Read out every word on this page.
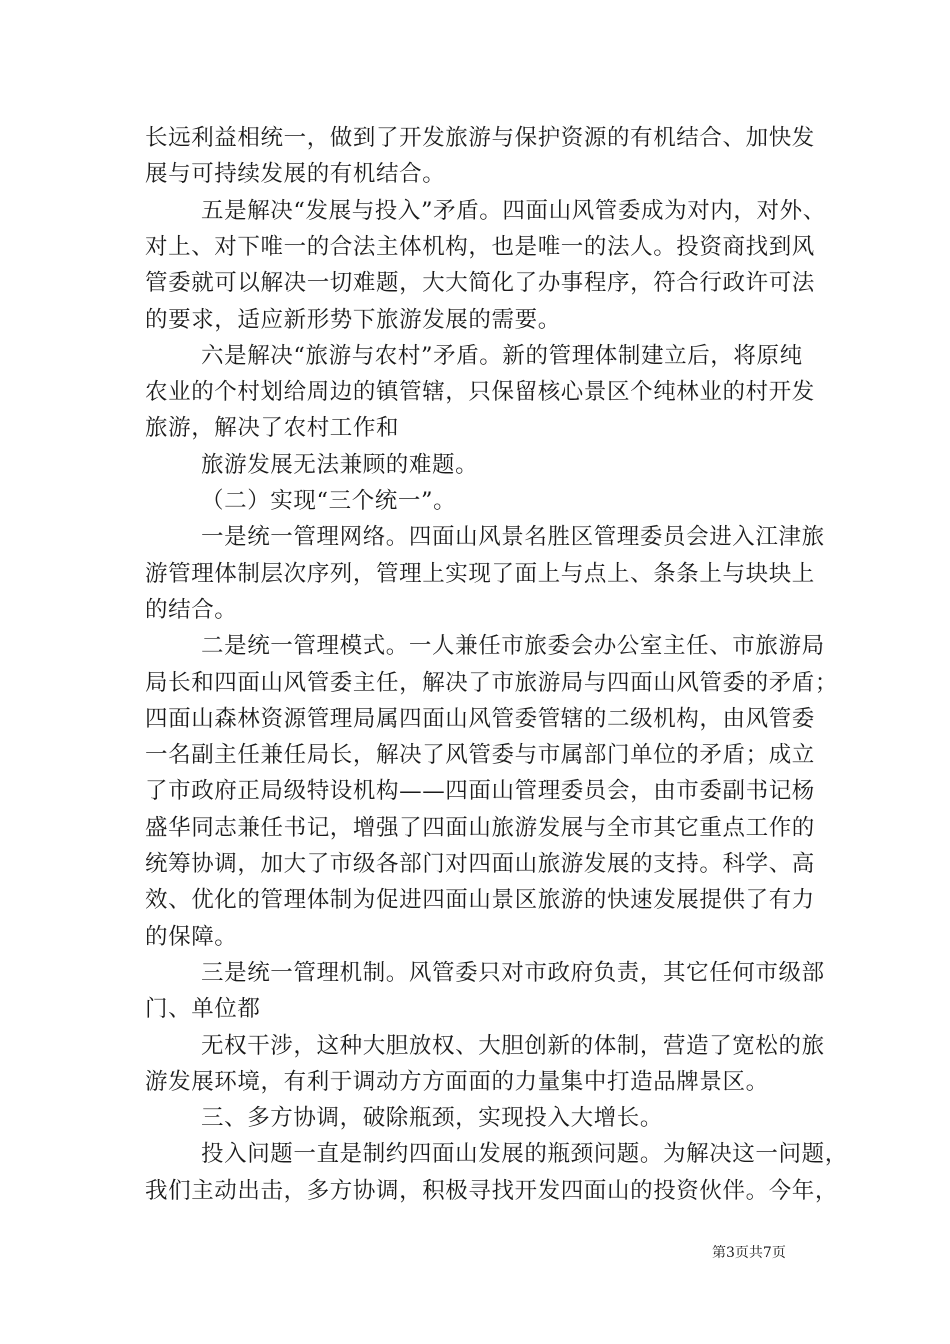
长远利益相统一，做到了开发旅游与保护资源的有机结合、加快发
展与可持续发展的有机结合。
五是解决“发展与投入”矛盾。四面山风管委成为对内，对外、
对上、对下唯一的合法主体机构，也是唯一的法人。投资商找到风
管委就可以解决一切难题，大大简化了办事程序，符合行政许可法
的要求，适应新形势下旅游发展的需要。
六是解决“旅游与农村”矛盾。新的管理体制建立后，将原纯
农业的个村划给周边的镇管辖，只保留核心景区个纯林业的村开发
旅游，解决了农村工作和
旅游发展无法兼顾的难题。
（二）实现“三个统一”。
一是统一管理网络。四面山风景名胜区管理委员会进入江津旅
游管理体制层次序列，管理上实现了面上与点上、条条上与块块上
的结合。
二是统一管理模式。一人兼任市旅委会办公室主任、市旅游局
局长和四面山风管委主任，解决了市旅游局与四面山风管委的矛盾；
四面山森林资源管理局属四面山风管委管辖的二级机构，由风管委
一名副主任兼任局长，解决了风管委与市属部门单位的矛盾；成立
了市政府正局级特设机构——四面山管理委员会，由市委副书记杨
盛华同志兼任书记，增强了四面山旅游发展与全市其它重点工作的
统筹协调，加大了市级各部门对四面山旅游发展的支持。科学、高
效、优化的管理体制为促进四面山景区旅游的快速发展提供了有力
的保障。
三是统一管理机制。风管委只对市政府负责，其它任何市级部
门、单位都
无权干涉，这种大胆放权、大胆创新的体制，营造了宽松的旅
游发展环境，有利于调动方方面面的力量集中打造品牌景区。
三、多方协调，破除瓶颈，实现投入大增长。
投入问题一直是制约四面山发展的瓶颈问题。为解决这一问题，
我们主动出击，多方协调，积极寻找开发四面山的投资伙伴。今年，
第3页共7页
